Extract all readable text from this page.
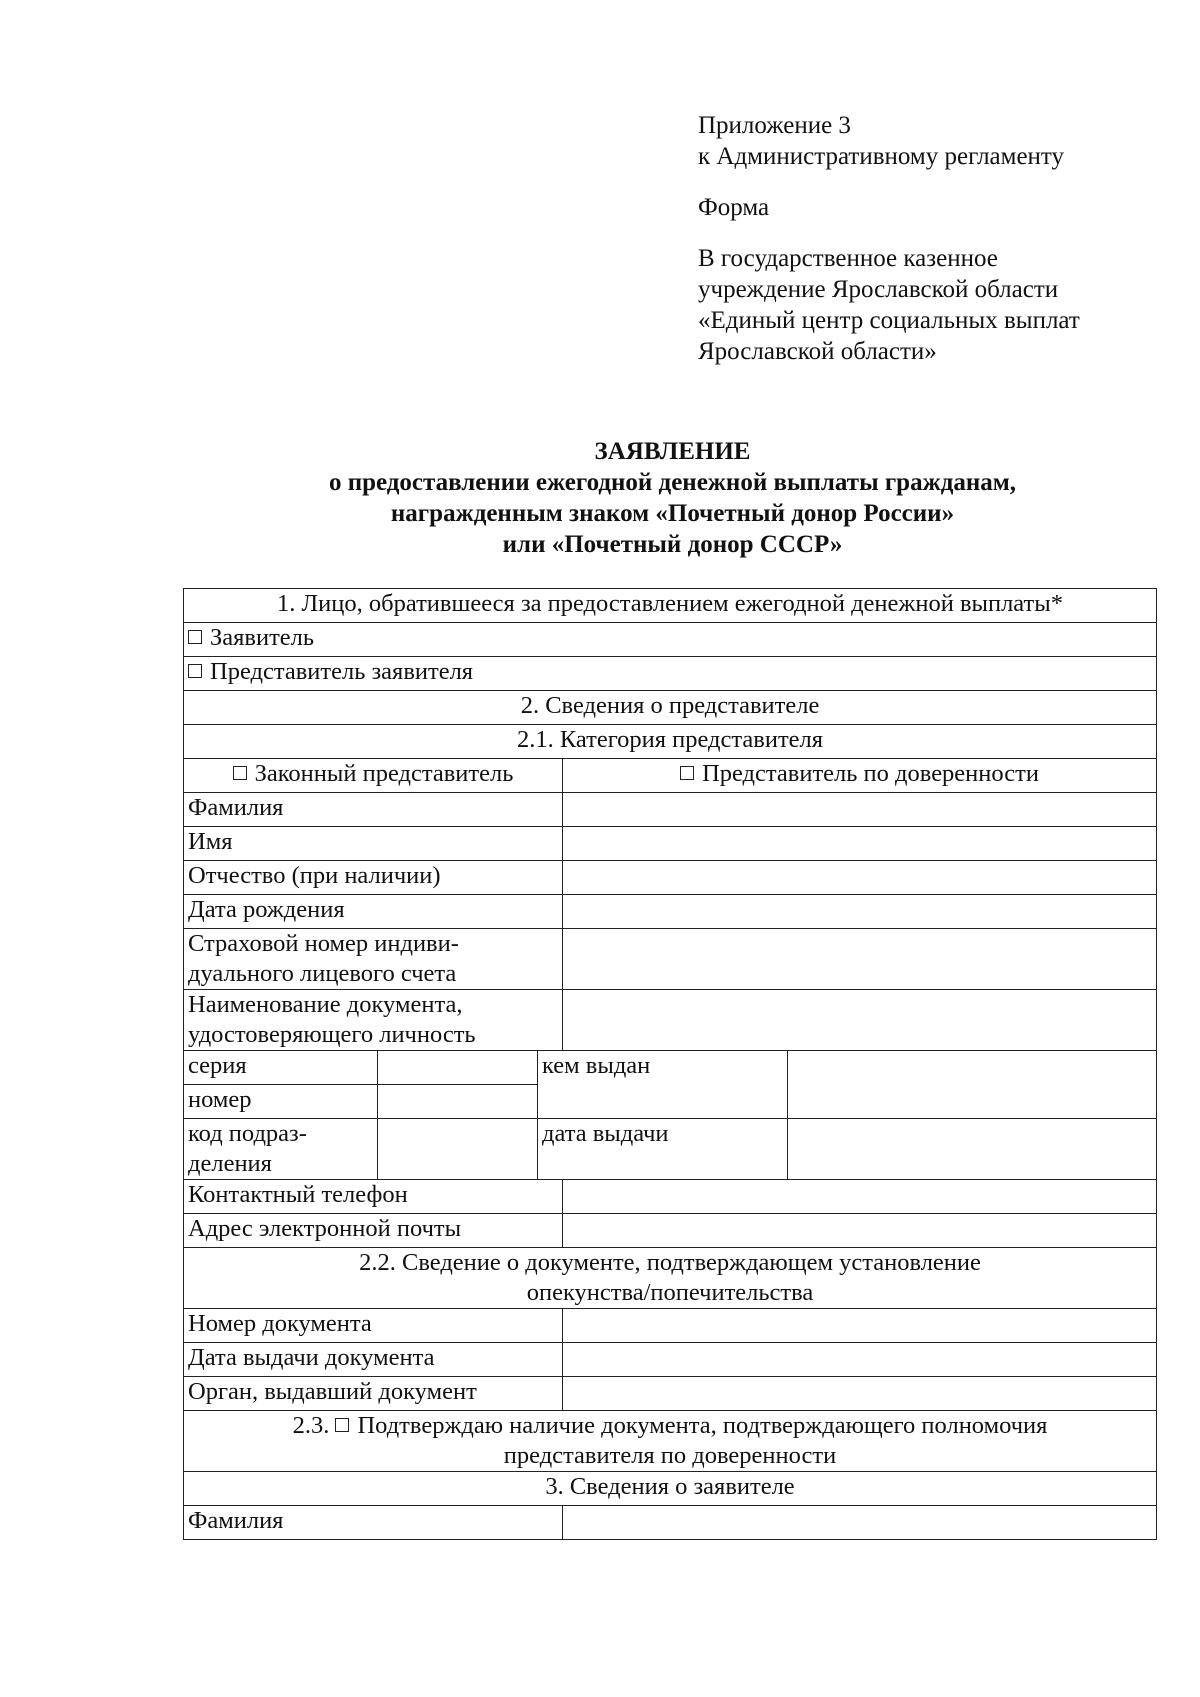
Приложение 3
к Административному регламенту
Форма
В государственное казенное
учреждение Ярославской области
«Единый центр социальных выплат
Ярославской области»
ЗАЯВЛЕНИЕ
о предоставлении ежегодной денежной выплаты гражданам,
награжденным знаком «Почетный донор России»
или «Почетный донор СССР»
1. Лицо, обратившееся за предоставлением ежегодной денежной выплаты*				
Заявитель				
Представитель заявителя				
2. Сведения о представителе				
2.1. Категория представителя				
Законный представитель			Представитель по доверенности	
Фамилия				
Имя				
Отчество (при наличии)				
Дата рождения				

Страховой номер индиви-
дуального лицевого счета				

Наименование документа,
удостоверяющего личность				

серия		кем выдан		
номер				

код подраз-
деления		дата выдачи		
Контактный телефон				
Адрес электронной почты				

2.2. Сведение о документе, подтверждающем установление
опекунства/попечительства				

Номер документа				
Дата выдачи документа				
Орган, выдавший документ				

2.3. Подтверждаю наличие документа, подтверждающего полномочия
представителя по доверенности				

3. Сведения о заявителе				
Фамилия				
